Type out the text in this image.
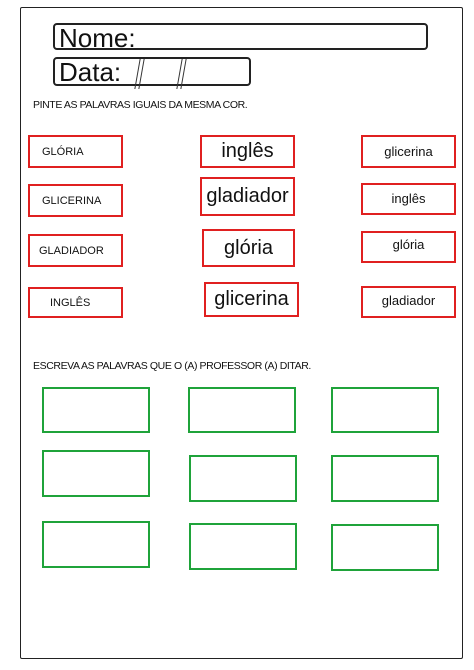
Nome:
Data:
PINTE AS PALAVRAS IGUAIS DA MESMA COR.
GLÓRIA
GLICERINA
GLADIADOR
INGLÊS
inglês
gladiador
glória
glicerina
glicerina
inglês
glória
gladiador
ESCREVA AS PALAVRAS QUE O (A) PROFESSOR (A) DITAR.
